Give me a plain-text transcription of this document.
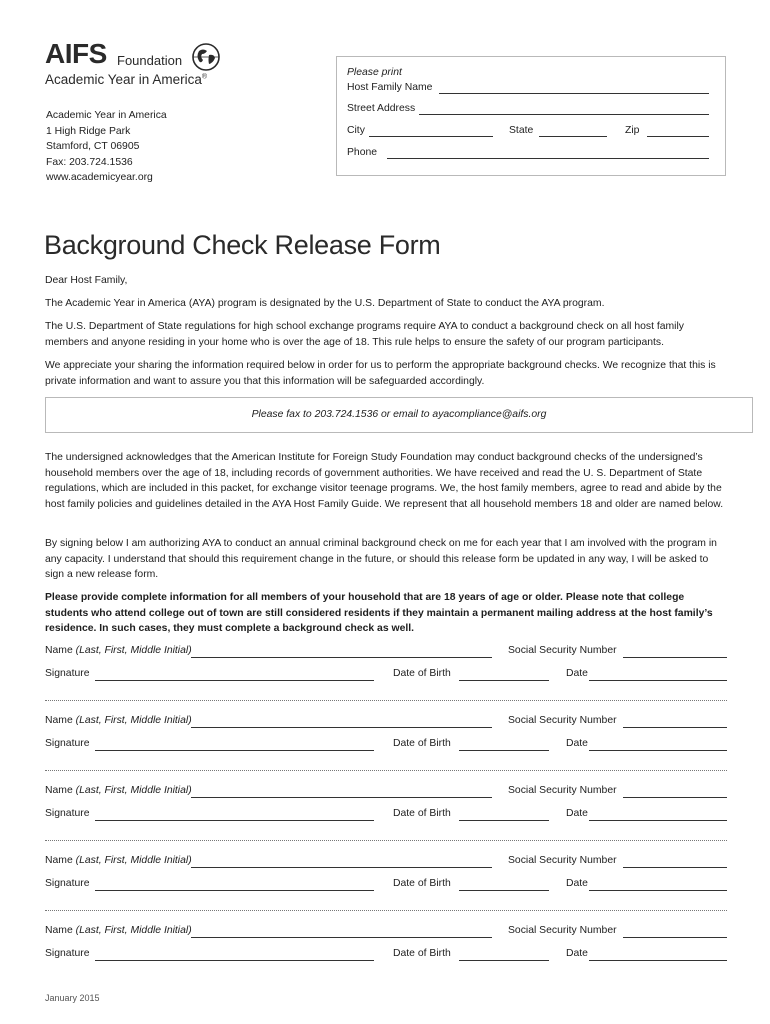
AIFS Foundation
Academic Year in America®
Academic Year in America
1 High Ridge Park
Stamford, CT 06905
Fax: 203.724.1536
www.academicyear.org
Please print
Host Family Name
Street Address
City	State	Zip
Phone
Background Check Release Form
Dear Host Family,
The Academic Year in America (AYA) program is designated by the U.S. Department of State to conduct the AYA program.
The U.S. Department of State regulations for high school exchange programs require AYA to conduct a background check on all host family members and anyone residing in your home who is over the age of 18. This rule helps to ensure the safety of our program participants.
We appreciate your sharing the information required below in order for us to perform the appropriate background checks. We recognize that this is private information and want to assure you that this information will be safeguarded accordingly.
Please fax to 203.724.1536 or email to ayacompliance@aifs.org
The undersigned acknowledges that the American Institute for Foreign Study Foundation may conduct background checks of the undersigned’s household members over the age of 18, including records of government authorities. We have received and read the U. S. Department of State regulations, which are included in this packet, for exchange visitor teenage programs. We, the host family members, agree to read and abide by the host family policies and guidelines detailed in the AYA Host Family Guide. We represent that all household members 18 and older are named below.
By signing below I am authorizing AYA to conduct an annual criminal background check on me for each year that I am involved with the program in any capacity. I understand that should this requirement change in the future, or should this release form be updated in any way, I will be asked to sign a new release form.
Please provide complete information for all members of your household that are 18 years of age or older. Please note that college students who attend college out of town are still considered residents if they maintain a permanent mailing address at the host family’s residence. In such cases, they must complete a background check as well.
Name (Last, First, Middle Initial)	Social Security Number
Signature	Date of Birth	Date
Name (Last, First, Middle Initial)	Social Security Number
Signature	Date of Birth	Date
Name (Last, First, Middle Initial)	Social Security Number
Signature	Date of Birth	Date
Name (Last, First, Middle Initial)	Social Security Number
Signature	Date of Birth	Date
Name (Last, First, Middle Initial)	Social Security Number
Signature	Date of Birth	Date
January 2015
